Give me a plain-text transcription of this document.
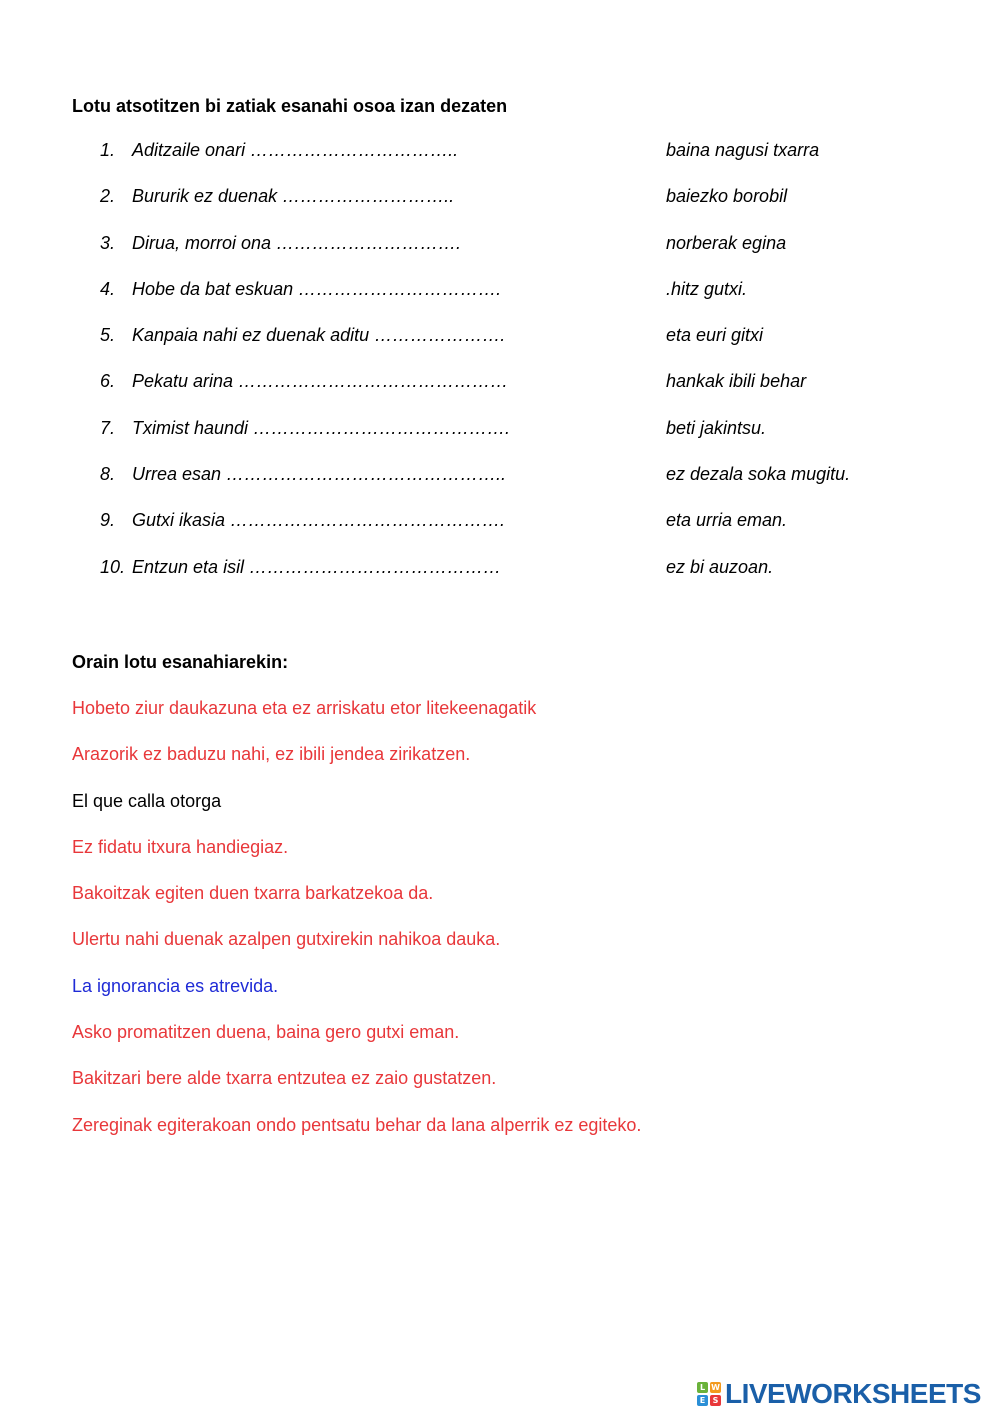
Lotu atsotitzen bi zatiak esanahi osoa izan dezaten
1. Aditzaile onari ……………………………..	baina nagusi txarra
2. Bururik ez duenak ………………………..	baiezko borobil
3. Dirua, morroi ona ………………………….	norberak egina
4. Hobe da bat eskuan …………………………….	.hitz gutxi.
5. Kanpaia nahi ez duenak aditu ………………….	eta euri gitxi
6. Pekatu arina ………………………………………	hankak ibili behar
7. Tximist haundi …………………………………….	beti jakintsu.
8. Urrea esan ………………………………………..	ez dezala soka mugitu.
9. Gutxi ikasia ……………………………………….	eta urria eman.
10. Entzun eta isil ……………………………………	ez bi auzoan.
Orain lotu esanahiarekin:
Hobeto ziur daukazuna eta ez arriskatu etor litekeenagatik
Arazorik ez baduzu nahi, ez ibili jendea zirikatzen.
El que calla otorga
Ez fidatu itxura handiegiaz.
Bakoitzak egiten duen txarra barkatzekoa da.
Ulertu nahi duenak azalpen gutxirekin nahikoa dauka.
La ignorancia es atrevida.
Asko promatitzen duena, baina gero gutxi eman.
Bakitzari bere alde txarra entzutea ez zaio gustatzen.
Zereginak egiterakoan ondo pentsatu behar da lana alperrik ez egiteko.
L W
E S LIVEWORKSHEETS
